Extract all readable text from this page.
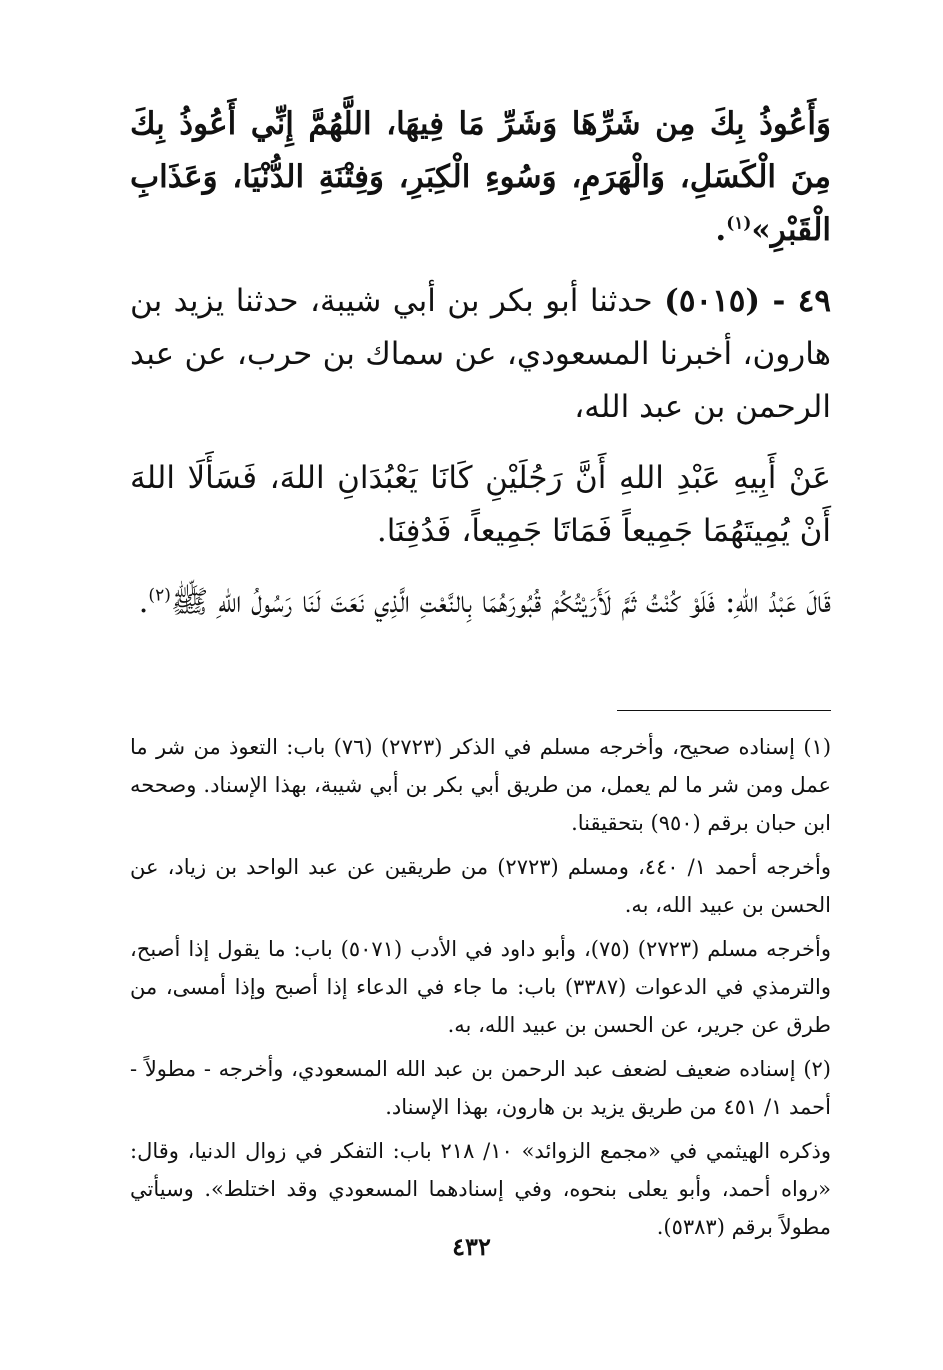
وَأَعُوذُ بِكَ مِن شَرِّهَا وَشَرِّ مَا فِيهَا، اللَّهُمَّ إِنِّي أَعُوذُ بِكَ مِنَ الْكَسَلِ، وَالْهَرَمِ، وَسُوءِ الْكِبَرِ، وَفِتْنَةِ الدُّنْيَا، وَعَذَابِ الْقَبْرِ»$^{(١)}$.

٤٩ - (٥٠١٥) حدثنا أبو بكر بن أبي شيبة، حدثنا يزيد بن هارون، أخبرنا المسعودي، عن سماك بن حرب، عن عبد الرحمن بن عبد الله،

عَنْ أَبِيهِ عَبْدِ اللهِ أَنَّ رَجُلَيْنِ كَانَا يَعْبُدَانِ اللهَ، فَسَأَلَا اللهَ أَنْ يُمِيتَهُمَا جَمِيعاً فَمَاتَا جَمِيعاً، فَدُفِنَا.

قَالَ عَبْدُ اللهِ: فَلَوْ كُنْتُ ثَمَّ لَأَرَيْتُكُمْ قُبُورَهُمَا بِالنَّعْتِ الَّذِي نَعَتَ لَنَا رَسُولُ اللهِ ﷺ$^{(٢)}$.

(١) إسناده صحيح، وأخرجه مسلم في الذكر (٢٧٢٣) (٧٦) باب: التعوذ من شر ما عمل ومن شر ما لم يعمل، من طريق أبي بكر بن أبي شيبة، بهذا الإسناد. وصححه ابن حبان برقم (٩٥٠) بتحقيقنا.

وأخرجه أحمد ١/ ٤٤٠، ومسلم (٢٧٢٣) من طريقين عن عبد الواحد بن زياد، عن الحسن بن عبيد الله، به.

وأخرجه مسلم (٢٧٢٣) (٧٥)، وأبو داود في الأدب (٥٠٧١) باب: ما يقول إذا أصبح، والترمذي في الدعوات (٣٣٨٧) باب: ما جاء في الدعاء إذا أصبح وإذا أمسى، من طرق عن جرير، عن الحسن بن عبيد الله، به.

(٢) إسناده ضعيف لضعف عبد الرحمن بن عبد الله المسعودي، وأخرجه - مطولاً - أحمد ١/ ٤٥١ من طريق يزيد بن هارون، بهذا الإسناد.

وذكره الهيثمي في «مجمع الزوائد» ١٠/ ٢١٨ باب: التفكر في زوال الدنيا، وقال: «رواه أحمد، وأبو يعلى بنحوه، وفي إسنادهما المسعودي وقد اختلط». وسيأتي مطولاً برقم (٥٣٨٣).

٤٣٢
